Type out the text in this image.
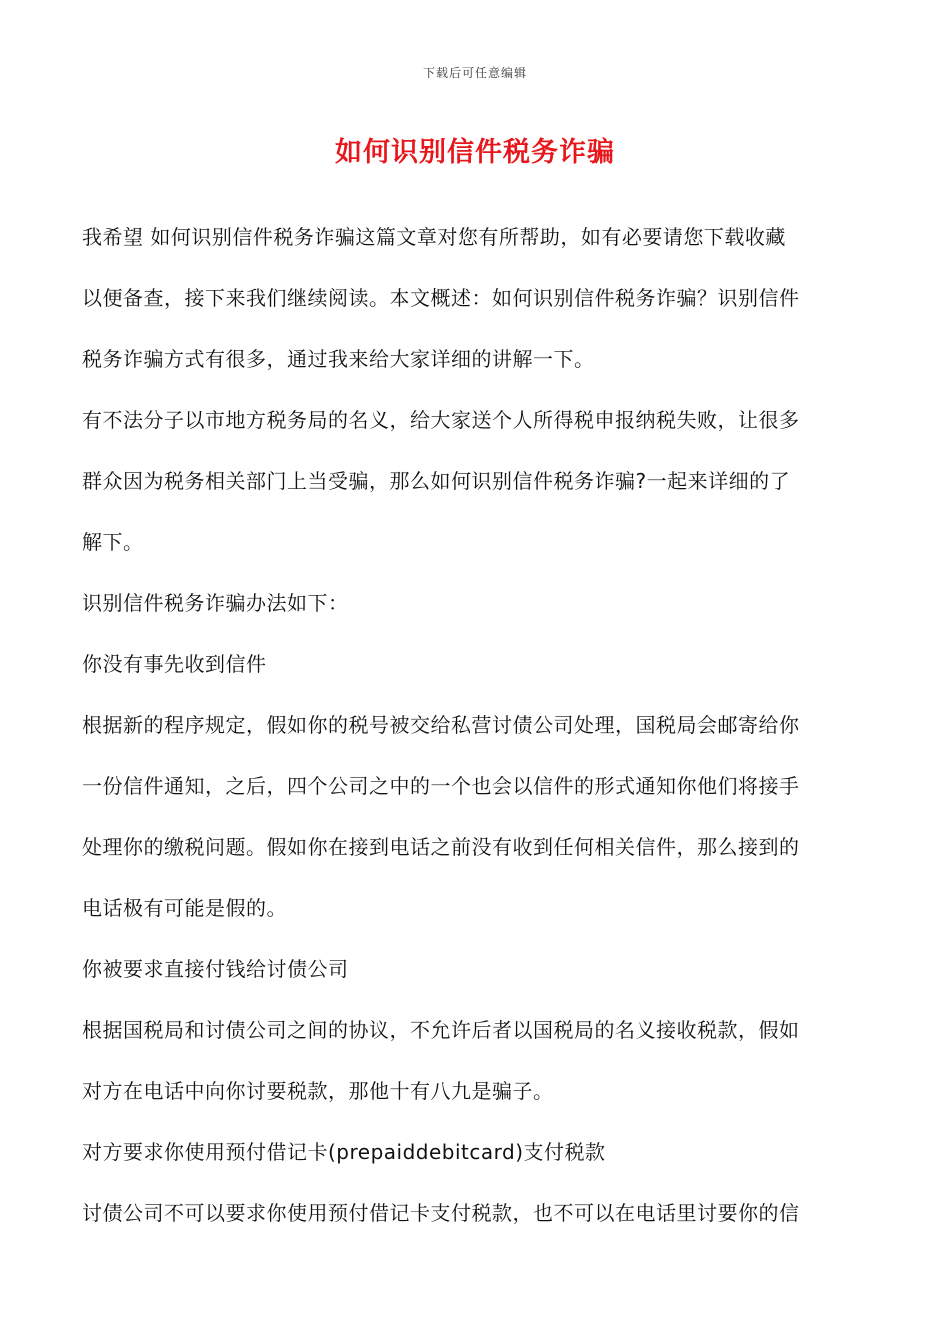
下载后可任意编辑
如何识别信件税务诈骗
我希望 如何识别信件税务诈骗这篇文章对您有所帮助，如有必要请您下载收藏
以便备查，接下来我们继续阅读。本文概述：如何识别信件税务诈骗？识别信件
税务诈骗方式有很多，通过我来给大家详细的讲解一下。
有不法分子以市地方税务局的名义，给大家送个人所得税申报纳税失败，让很多
群众因为税务相关部门上当受骗，那么如何识别信件税务诈骗?一起来详细的了
解下。
识别信件税务诈骗办法如下：
你没有事先收到信件
根据新的程序规定，假如你的税号被交给私营讨债公司处理，国税局会邮寄给你
一份信件通知，之后，四个公司之中的一个也会以信件的形式通知你他们将接手
处理你的缴税问题。假如你在接到电话之前没有收到任何相关信件，那么接到的
电话极有可能是假的。
你被要求直接付钱给讨债公司
根据国税局和讨债公司之间的协议，不允许后者以国税局的名义接收税款，假如
对方在电话中向你讨要税款，那他十有八九是骗子。
对方要求你使用预付借记卡(prepaiddebitcard)支付税款
讨债公司不可以要求你使用预付借记卡支付税款，也不可以在电话里讨要你的信
